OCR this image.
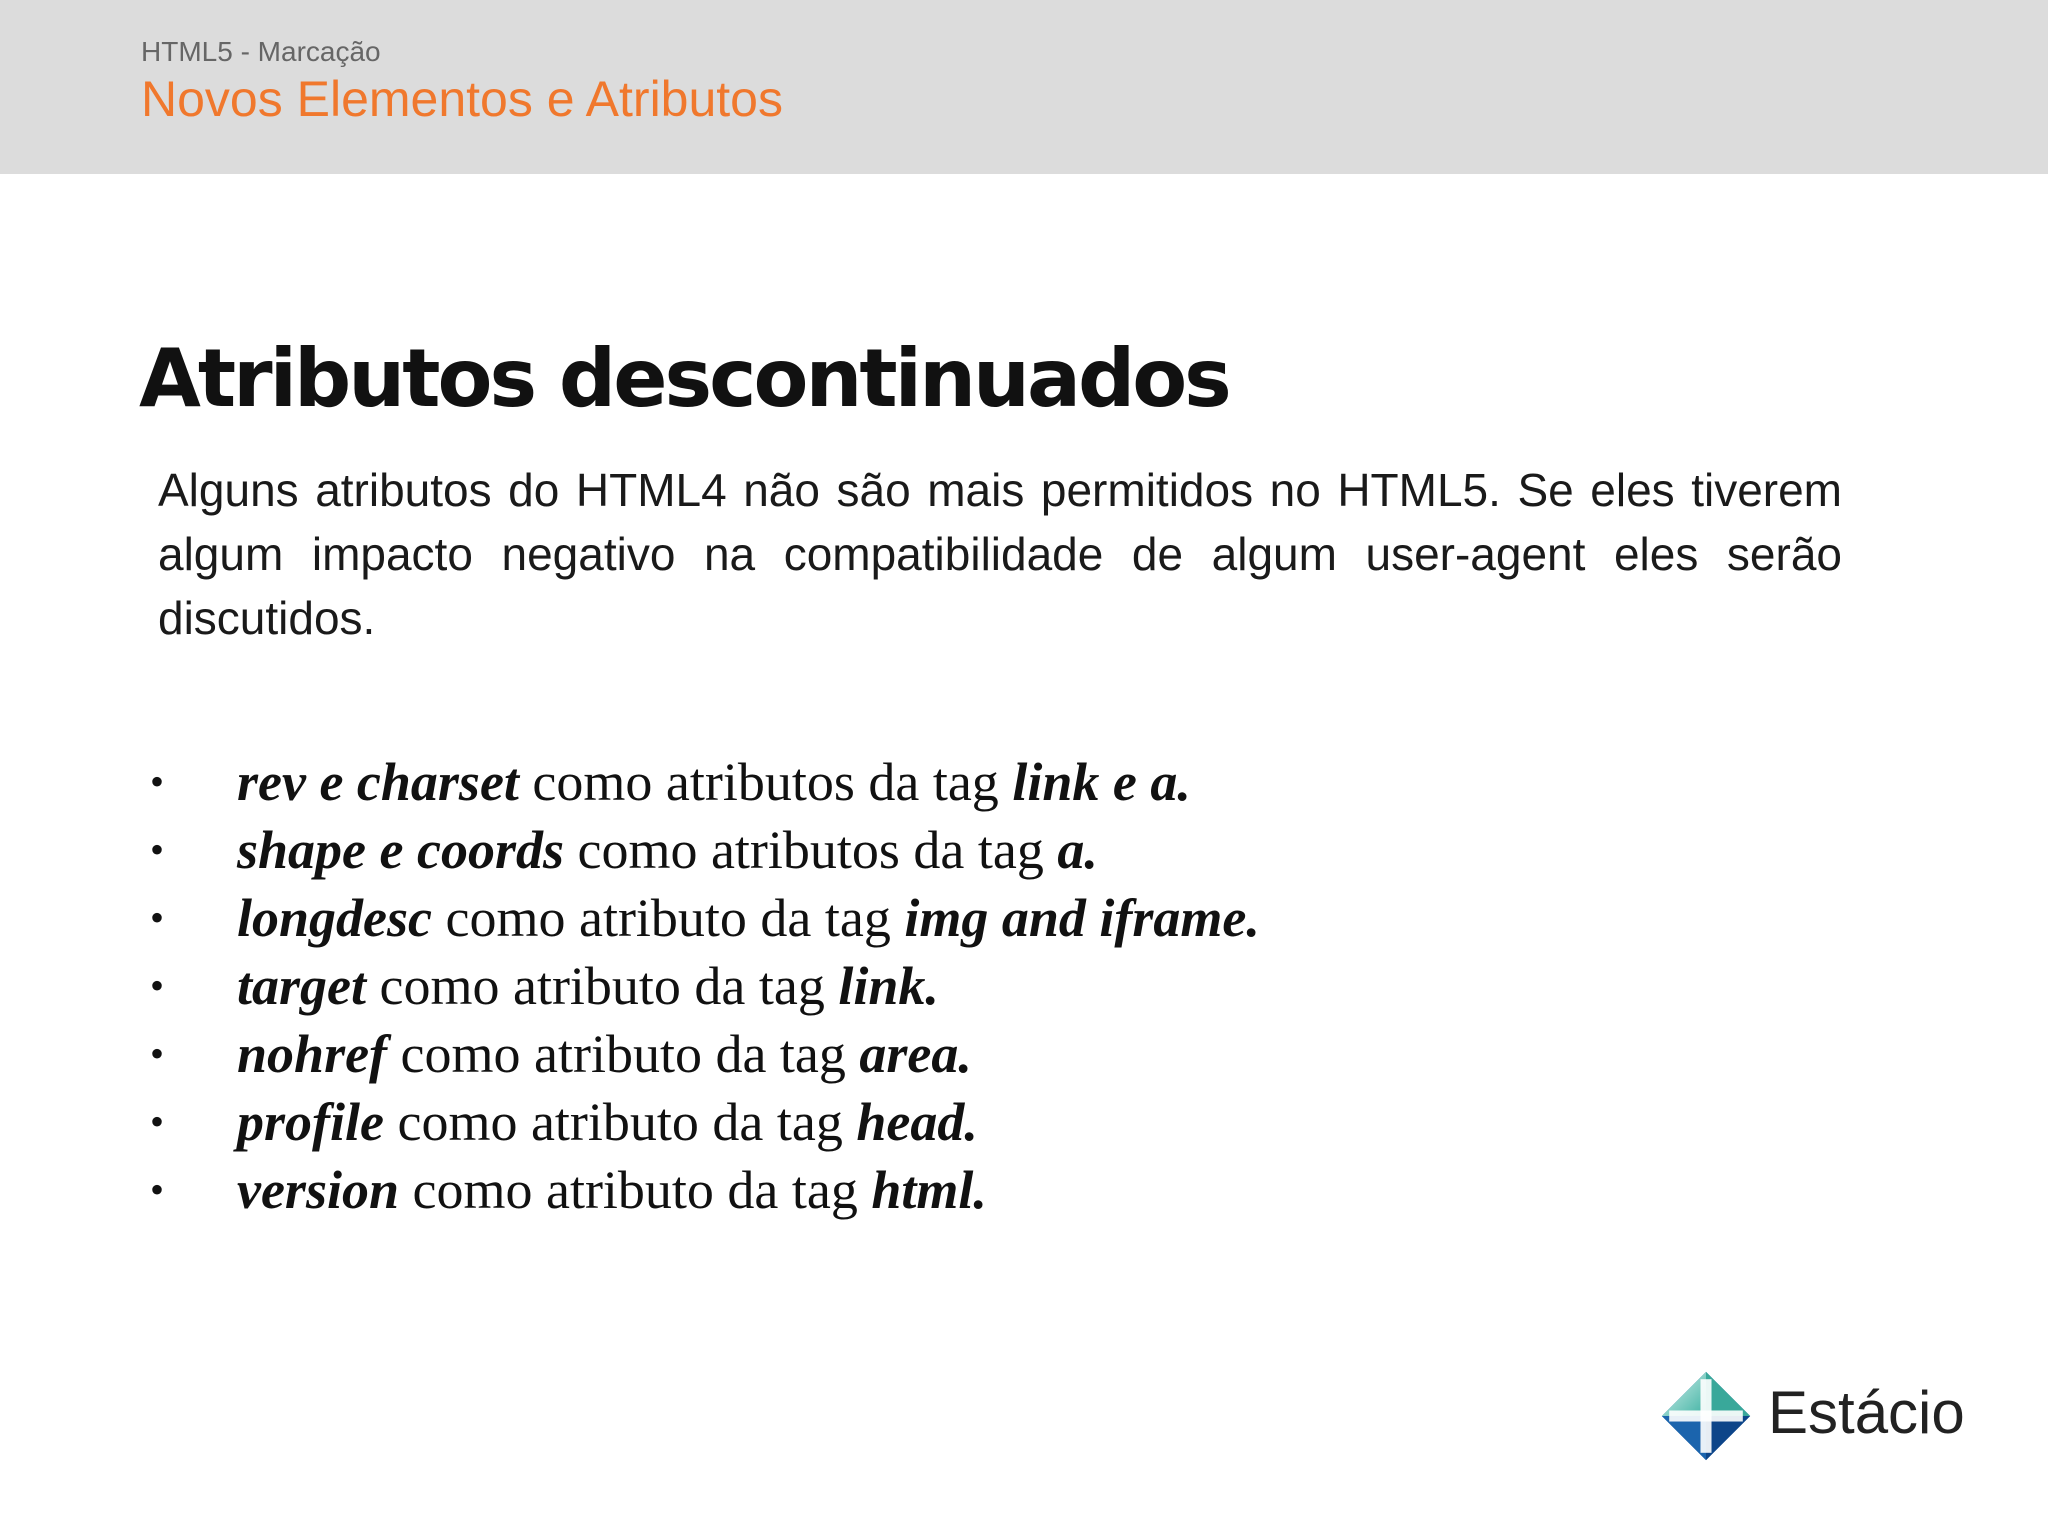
HTML5 - Marcação
Novos Elementos e Atributos
Atributos descontinuados

Alguns atributos do HTML4 não são mais permitidos no HTML5. Se eles tiverem algum impacto negativo na compatibilidade de algum user-agent eles serão discutidos.

• rev e charset como atributos da tag link e a.
• shape e coords como atributos da tag a.
• longdesc como atributo da tag img and iframe.
• target como atributo da tag link.
• nohref como atributo da tag area.
• profile como atributo da tag head.
• version como atributo da tag html.
Estácio
